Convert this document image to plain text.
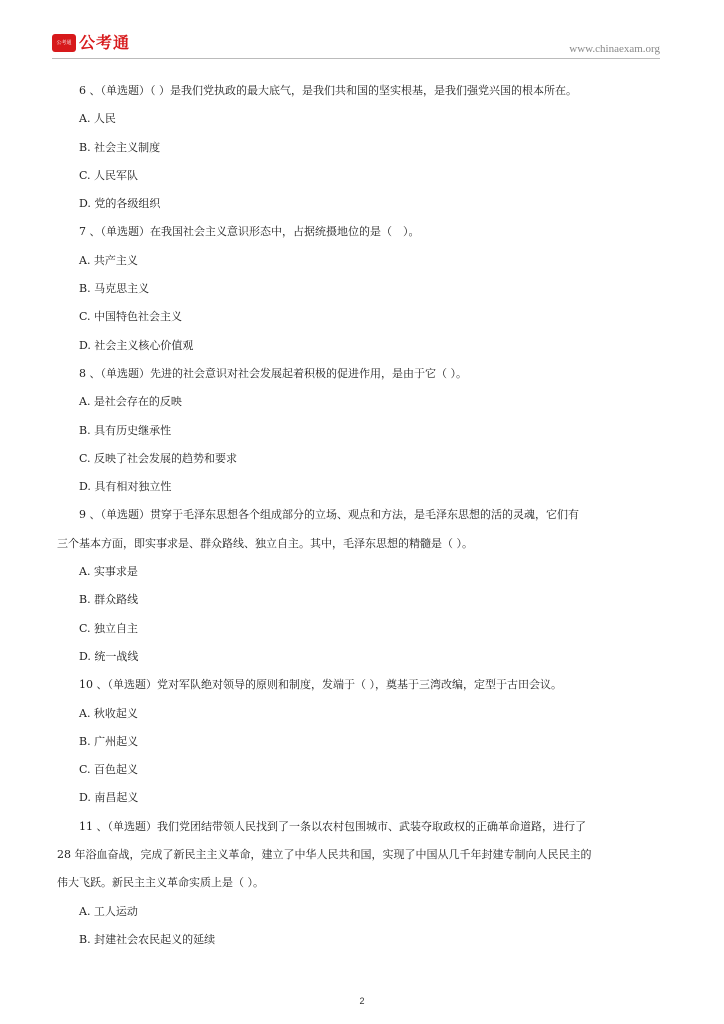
公考通 公考通	www.chinaexam.org
6 、（单选题）（ ）是我们党执政的最大底气，是我们共和国的坚实根基，是我们强党兴国的根本所在。
A. 人民
B. 社会主义制度
C. 人民军队
D. 党的各级组织
7 、（单选题）在我国社会主义意识形态中，占据统摄地位的是（　）。
A. 共产主义
B. 马克思主义
C. 中国特色社会主义
D. 社会主义核心价值观
8 、（单选题）先进的社会意识对社会发展起着积极的促进作用，是由于它（ ）。
A. 是社会存在的反映
B. 具有历史继承性
C. 反映了社会发展的趋势和要求
D. 具有相对独立性
9 、（单选题）贯穿于毛泽东思想各个组成部分的立场、观点和方法，是毛泽东思想的活的灵魂，它们有
三个基本方面，即实事求是、群众路线、独立自主。其中，毛泽东思想的精髓是（ ）。
A. 实事求是
B. 群众路线
C. 独立自主
D. 统一战线
10 、（单选题）党对军队绝对领导的原则和制度，发端于（ ），奠基于三湾改编，定型于古田会议。
A. 秋收起义
B. 广州起义
C. 百色起义
D. 南昌起义
11 、（单选题）我们党团结带领人民找到了一条以农村包围城市、武装夺取政权的正确革命道路，进行了
28 年浴血奋战，完成了新民主主义革命，建立了中华人民共和国，实现了中国从几千年封建专制向人民民主的
伟大飞跃。新民主主义革命实质上是（ ）。
A. 工人运动
B. 封建社会农民起义的延续
2
